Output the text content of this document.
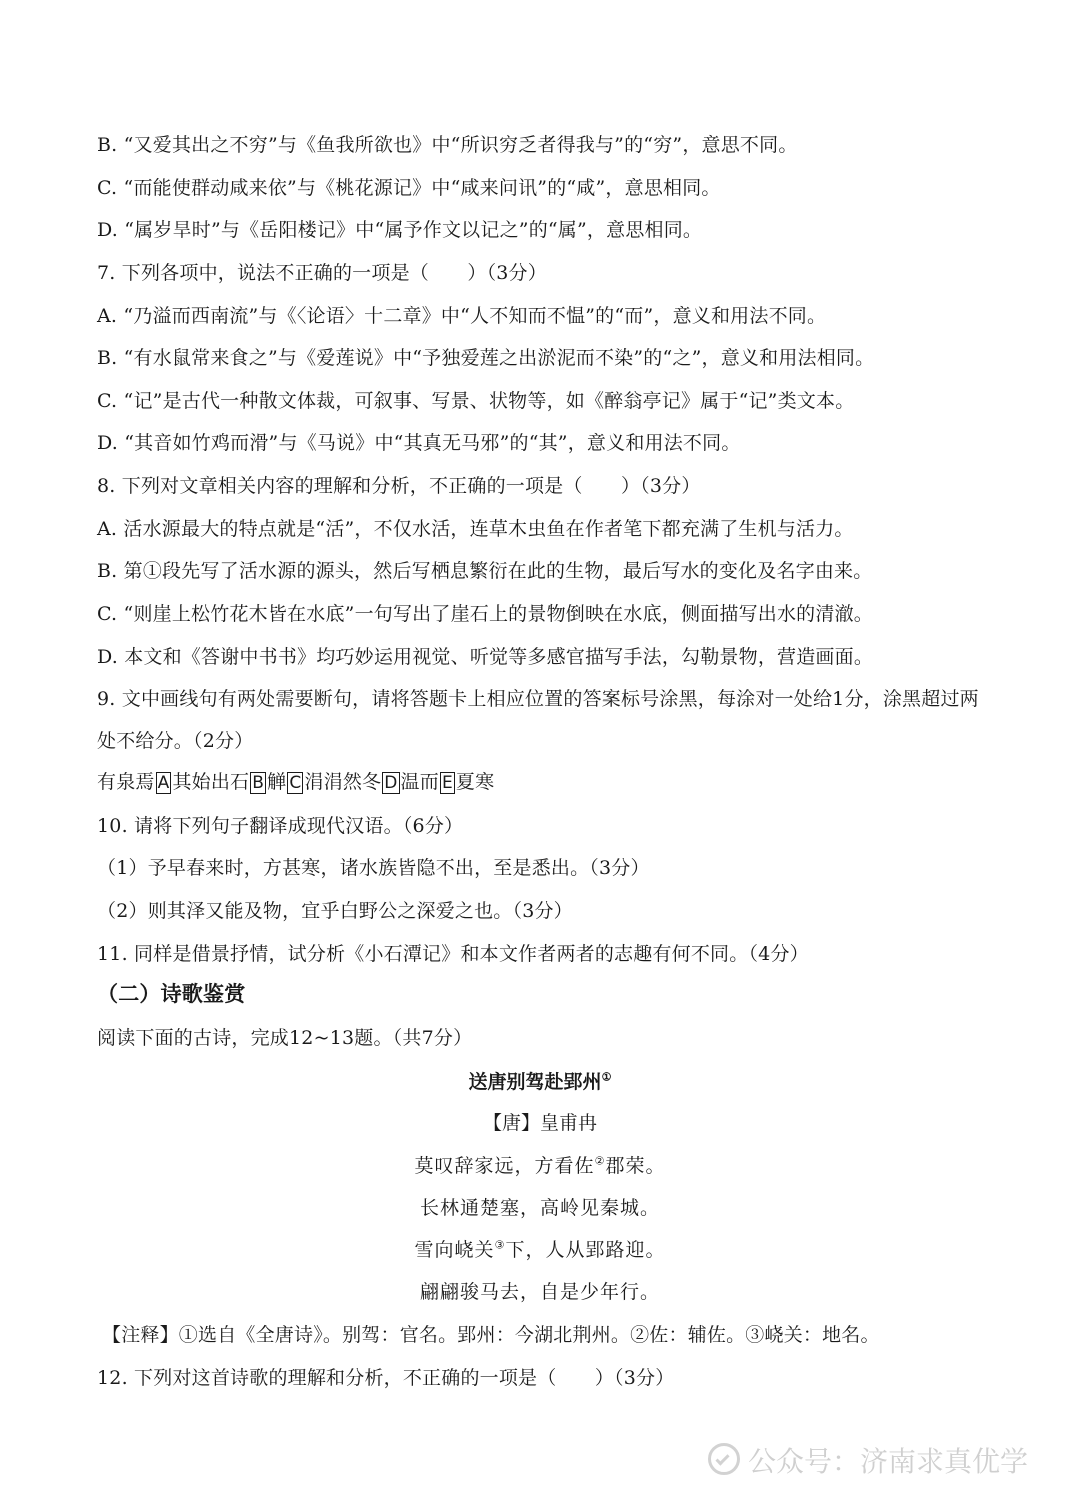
B. “又爱其出之不穷”与《鱼我所欲也》中“所识穷乏者得我与”的“穷”，意思不同。
C. “而能使群动咸来依”与《桃花源记》中“咸来问讯”的“咸”，意思相同。
D. “属岁旱时”与《岳阳楼记》中“属予作文以记之”的“属”，意思相同。
7. 下列各项中，说法不正确的一项是（　　）（3分）
A. “乃溢而西南流”与《〈论语〉十二章》中“人不知而不愠”的“而”，意义和用法不同。
B. “有水鼠常来食之”与《爱莲说》中“予独爱莲之出淤泥而不染”的“之”，意义和用法相同。
C. “记”是古代一种散文体裁，可叙事、写景、状物等，如《醉翁亭记》属于“记”类文本。
D. “其音如竹鸡而滑”与《马说》中“其真无马邪”的“其”，意义和用法不同。
8. 下列对文章相关内容的理解和分析，不正确的一项是（　　）（3分）
A. 活水源最大的特点就是“活”，不仅水活，连草木虫鱼在作者笔下都充满了生机与活力。
B. 第①段先写了活水源的源头，然后写栖息繁衍在此的生物，最后写水的变化及名字由来。
C. “则崖上松竹花木皆在水底”一句写出了崖石上的景物倒映在水底，侧面描写出水的清澈。
D. 本文和《答谢中书书》均巧妙运用视觉、听觉等多感官描写手法，勾勒景物，营造画面。
9. 文中画线句有两处需要断句，请将答题卡上相应位置的答案标号涂黑，每涂对一处给1分，涂黑超过两
处不给分。（2分）
有泉焉 A 其始出石 B 觯 C 涓涓然冬 D 温而 E 夏寒
10. 请将下列句子翻译成现代汉语。（6分）
（1）予早春来时，方甚寒，诸水族皆隐不出，至是悉出。（3分）
（2）则其泽又能及物，宜乎白野公之深爱之也。（3分）
11. 同样是借景抒情，试分析《小石潭记》和本文作者两者的志趣有何不同。（4分）
（二）诗歌鉴赏
阅读下面的古诗，完成12~13题。（共7分）
送唐别驾赴郢州①
【唐】皇甫冉
莫叹辞家远，方看佐②郡荣。
长林通楚塞，高岭见秦城。
雪向峣关③下，人从郢路迎。
翩翩骏马去，自是少年行。
【注释】①选自《全唐诗》。别驾：官名。郢州：今湖北荆州。②佐：辅佐。③峣关：地名。
12. 下列对这首诗歌的理解和分析，不正确的一项是（　　）（3分）
公众号：济南求真优学
